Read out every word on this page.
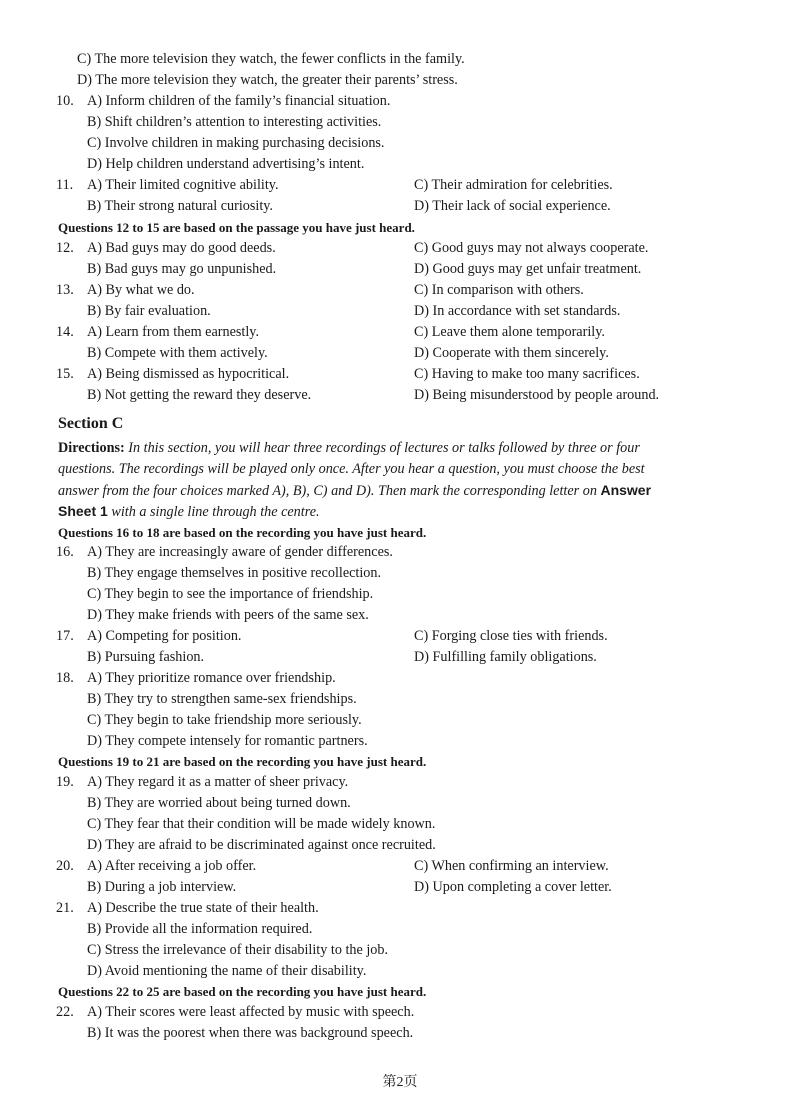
C) The more television they watch, the fewer conflicts in the family.
D) The more television they watch, the greater their parents’ stress.
10. A) Inform children of the family’s financial situation.
B) Shift children’s attention to interesting activities.
C) Involve children in making purchasing decisions.
D) Help children understand advertising’s intent.
11. A) Their limited cognitive ability.	C) Their admiration for celebrities.
B) Their strong natural curiosity.	D) Their lack of social experience.
Questions 12 to 15 are based on the passage you have just heard.
12. A) Bad guys may do good deeds.	C) Good guys may not always cooperate.
B) Bad guys may go unpunished.	D) Good guys may get unfair treatment.
13. A) By what we do.	C) In comparison with others.
B) By fair evaluation.	D) In accordance with set standards.
14. A) Learn from them earnestly.	C) Leave them alone temporarily.
B) Compete with them actively.	D) Cooperate with them sincerely.
15. A) Being dismissed as hypocritical.	C) Having to make too many sacrifices.
B) Not getting the reward they deserve.	D) Being misunderstood by people around.
Section C
Directions: In this section, you will hear three recordings of lectures or talks followed by three or four
questions. The recordings will be played only once. After you hear a question, you must choose the best
answer from the four choices marked A), B), C) and D). Then mark the corresponding letter on Answer
Sheet 1 with a single line through the centre.
Questions 16 to 18 are based on the recording you have just heard.
16. A) They are increasingly aware of gender differences.
B) They engage themselves in positive recollection.
C) They begin to see the importance of friendship.
D) They make friends with peers of the same sex.
17. A) Competing for position.	C) Forging close ties with friends.
B) Pursuing fashion.	D) Fulfilling family obligations.
18. A) They prioritize romance over friendship.
B) They try to strengthen same-sex friendships.
C) They begin to take friendship more seriously.
D) They compete intensely for romantic partners.
Questions 19 to 21 are based on the recording you have just heard.
19. A) They regard it as a matter of sheer privacy.
B) They are worried about being turned down.
C) They fear that their condition will be made widely known.
D) They are afraid to be discriminated against once recruited.
20. A) After receiving a job offer.	C) When confirming an interview.
B) During a job interview.	D) Upon completing a cover letter.
21. A) Describe the true state of their health.
B) Provide all the information required.
C) Stress the irrelevance of their disability to the job.
D) Avoid mentioning the name of their disability.
Questions 22 to 25 are based on the recording you have just heard.
22. A) Their scores were least affected by music with speech.
B) It was the poorest when there was background speech.
第2页
